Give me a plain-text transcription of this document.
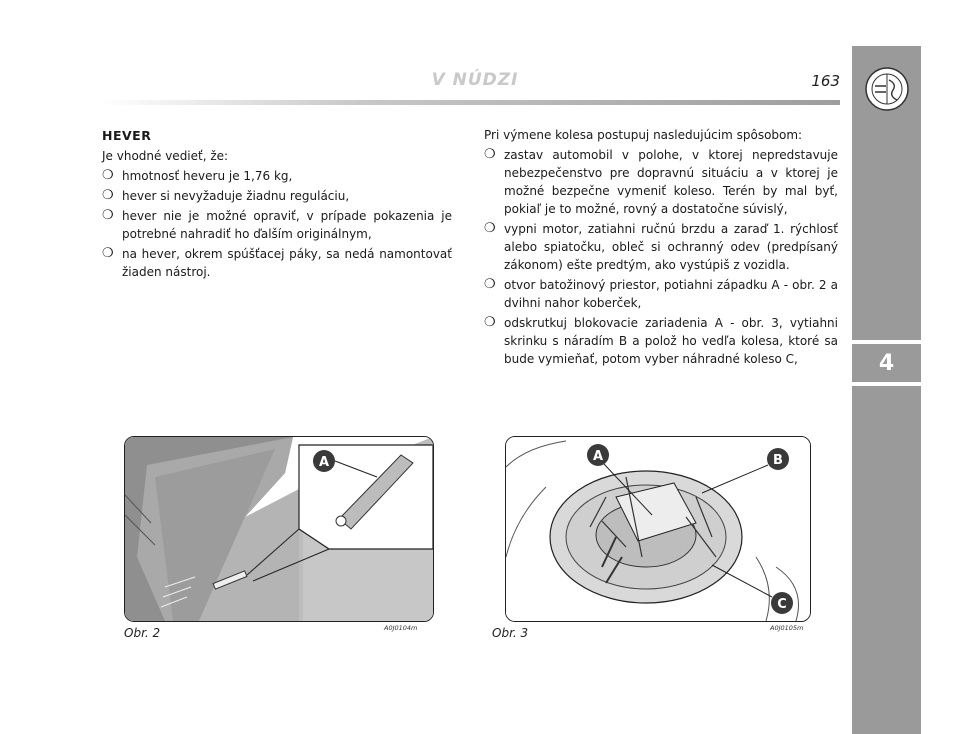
V NÚDZI	163
4
HEVER

Je vhodné vedieť, že:

❍ hmotnosť heveru je 1,76 kg,
❍ hever si nevyžaduje žiadnu reguláciu,
❍ hever nie je možné opraviť, v prípade pokazenia je potrebné nahradiť ho ďalším originálnym,
❍ na hever, okrem spúšťacej páky, sa nedá namontovať žiaden nástroj.

Pri výmene kolesa postupuj nasledujúcim spôsobom:

❍ zastav automobil v polohe, v ktorej nepredstavuje nebezpečenstvo pre dopravnú situáciu a v ktorej je možné bezpečne vymeniť koleso. Terén by mal byť, pokiaľ je to možné, rovný a dostatočne súvislý,
❍ vypni motor, zatiahni ručnú brzdu a zaraď 1. rýchlosť alebo spiatočku, obleč si ochranný odev (predpísaný zákonom) ešte predtým, ako vystúpiš z vozidla.
❍ otvor batožinový priestor, potiahni západku A - obr. 2 a dvihni nahor koberček,
❍ odskrutkuj blokovacie zariadenia A - obr. 3, vytiahni skrinku s náradím B a polož ho vedľa kolesa, ktoré sa bude vymieňať, potom vyber náhradné koleso C,
A
Obr. 2	A0J0104m
A	B
C
Obr. 3	A0J0105m
